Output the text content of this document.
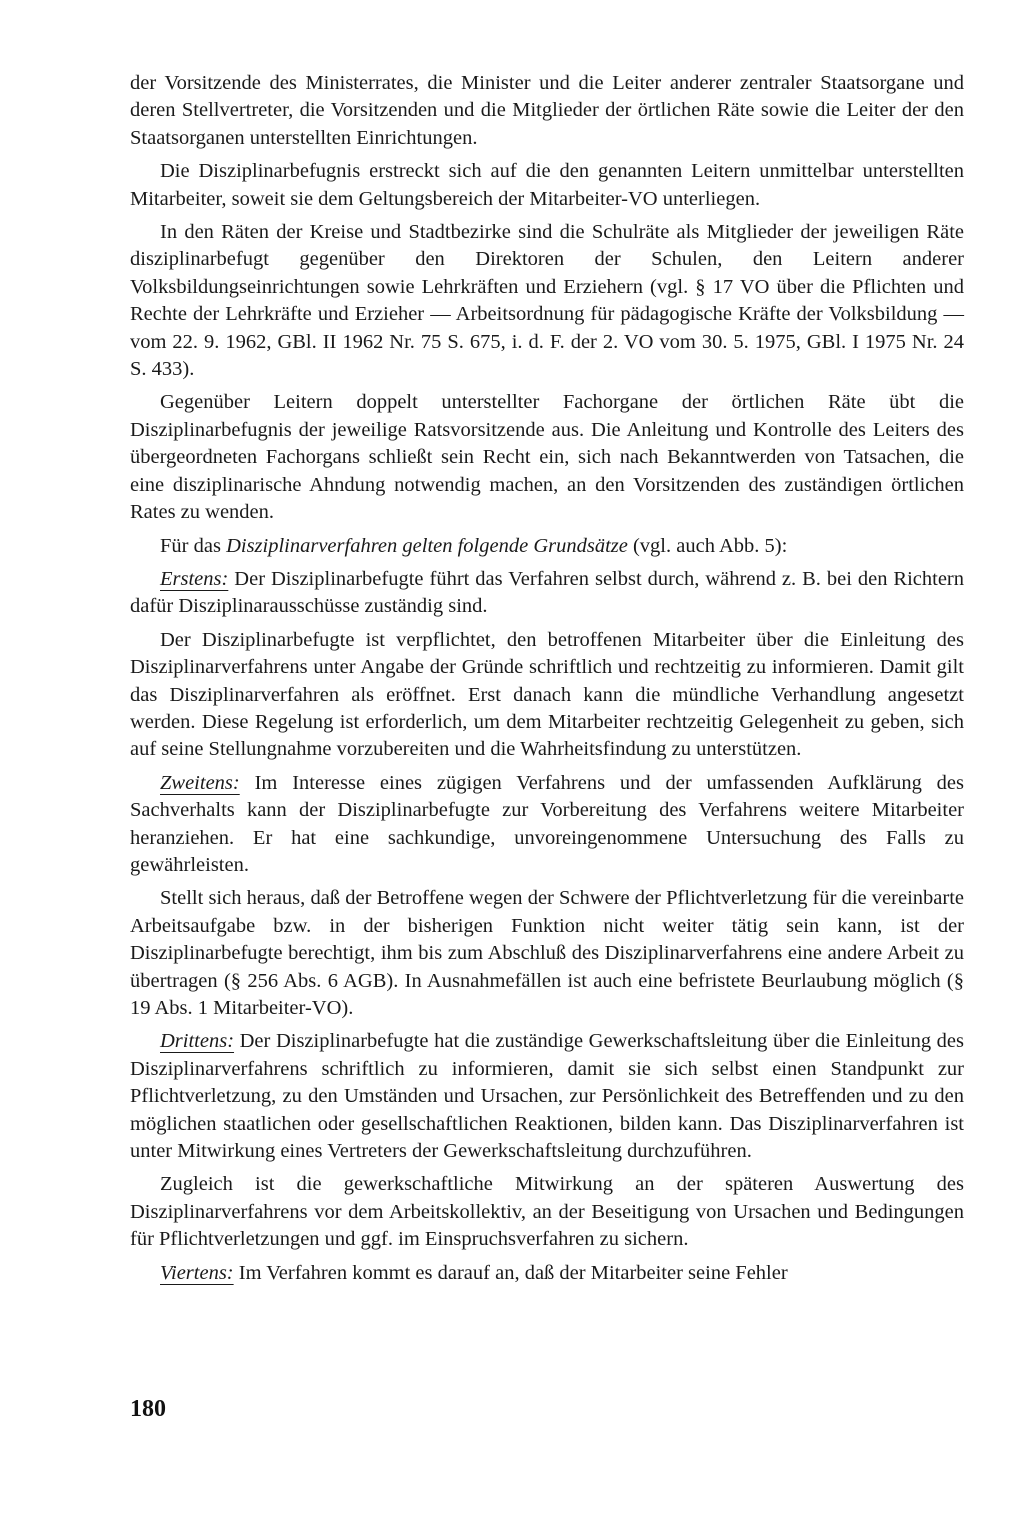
der Vorsitzende des Ministerrates, die Minister und die Leiter anderer zentraler Staatsorgane und deren Stellvertreter, die Vorsitzenden und die Mitglieder der örtlichen Räte sowie die Leiter der den Staatsorganen unterstellten Einrichtungen.

Die Disziplinarbefugnis erstreckt sich auf die den genannten Leitern unmittelbar unterstellten Mitarbeiter, soweit sie dem Geltungsbereich der Mitarbeiter-VO unterliegen.

In den Räten der Kreise und Stadtbezirke sind die Schulräte als Mitglieder der jeweiligen Räte disziplinarbefugt gegenüber den Direktoren der Schulen, den Leitern anderer Volksbildungseinrichtungen sowie Lehrkräften und Erziehern (vgl. § 17 VO über die Pflichten und Rechte der Lehrkräfte und Erzieher — Arbeitsordnung für pädagogische Kräfte der Volksbildung — vom 22. 9. 1962, GBl. II 1962 Nr. 75 S. 675, i. d. F. der 2. VO vom 30. 5. 1975, GBl. I 1975 Nr. 24 S. 433).

Gegenüber Leitern doppelt unterstellter Fachorgane der örtlichen Räte übt die Disziplinarbefugnis der jeweilige Ratsvorsitzende aus. Die Anleitung und Kontrolle des Leiters des übergeordneten Fachorgans schließt sein Recht ein, sich nach Bekanntwerden von Tatsachen, die eine disziplinarische Ahndung notwendig machen, an den Vorsitzenden des zuständigen örtlichen Rates zu wenden.

Für das Disziplinarverfahren gelten folgende Grundsätze (vgl. auch Abb. 5):

Erstens: Der Disziplinarbefugte führt das Verfahren selbst durch, während z. B. bei den Richtern dafür Disziplinarausschüsse zuständig sind.

Der Disziplinarbefugte ist verpflichtet, den betroffenen Mitarbeiter über die Einleitung des Disziplinarverfahrens unter Angabe der Gründe schriftlich und rechtzeitig zu informieren. Damit gilt das Disziplinarverfahren als eröffnet. Erst danach kann die mündliche Verhandlung angesetzt werden. Diese Regelung ist erforderlich, um dem Mitarbeiter rechtzeitig Gelegenheit zu geben, sich auf seine Stellungnahme vorzubereiten und die Wahrheitsfindung zu unterstützen.

Zweitens: Im Interesse eines zügigen Verfahrens und der umfassenden Aufklärung des Sachverhalts kann der Disziplinarbefugte zur Vorbereitung des Verfahrens weitere Mitarbeiter heranziehen. Er hat eine sachkundige, unvoreingenommene Untersuchung des Falls zu gewährleisten.

Stellt sich heraus, daß der Betroffene wegen der Schwere der Pflichtverletzung für die vereinbarte Arbeitsaufgabe bzw. in der bisherigen Funktion nicht weiter tätig sein kann, ist der Disziplinarbefugte berechtigt, ihm bis zum Abschluß des Disziplinarverfahrens eine andere Arbeit zu übertragen (§ 256 Abs. 6 AGB). In Ausnahmefällen ist auch eine befristete Beurlaubung möglich (§ 19 Abs. 1 Mitarbeiter-VO).

Drittens: Der Disziplinarbefugte hat die zuständige Gewerkschaftsleitung über die Einleitung des Disziplinarverfahrens schriftlich zu informieren, damit sie sich selbst einen Standpunkt zur Pflichtverletzung, zu den Umständen und Ursachen, zur Persönlichkeit des Betreffenden und zu den möglichen staatlichen oder gesellschaftlichen Reaktionen, bilden kann. Das Disziplinarverfahren ist unter Mitwirkung eines Vertreters der Gewerkschaftsleitung durchzuführen.

Zugleich ist die gewerkschaftliche Mitwirkung an der späteren Auswertung des Disziplinarverfahrens vor dem Arbeitskollektiv, an der Beseitigung von Ursachen und Bedingungen für Pflichtverletzungen und ggf. im Einspruchsverfahren zu sichern.

Viertens: Im Verfahren kommt es darauf an, daß der Mitarbeiter seine Fehler

180
